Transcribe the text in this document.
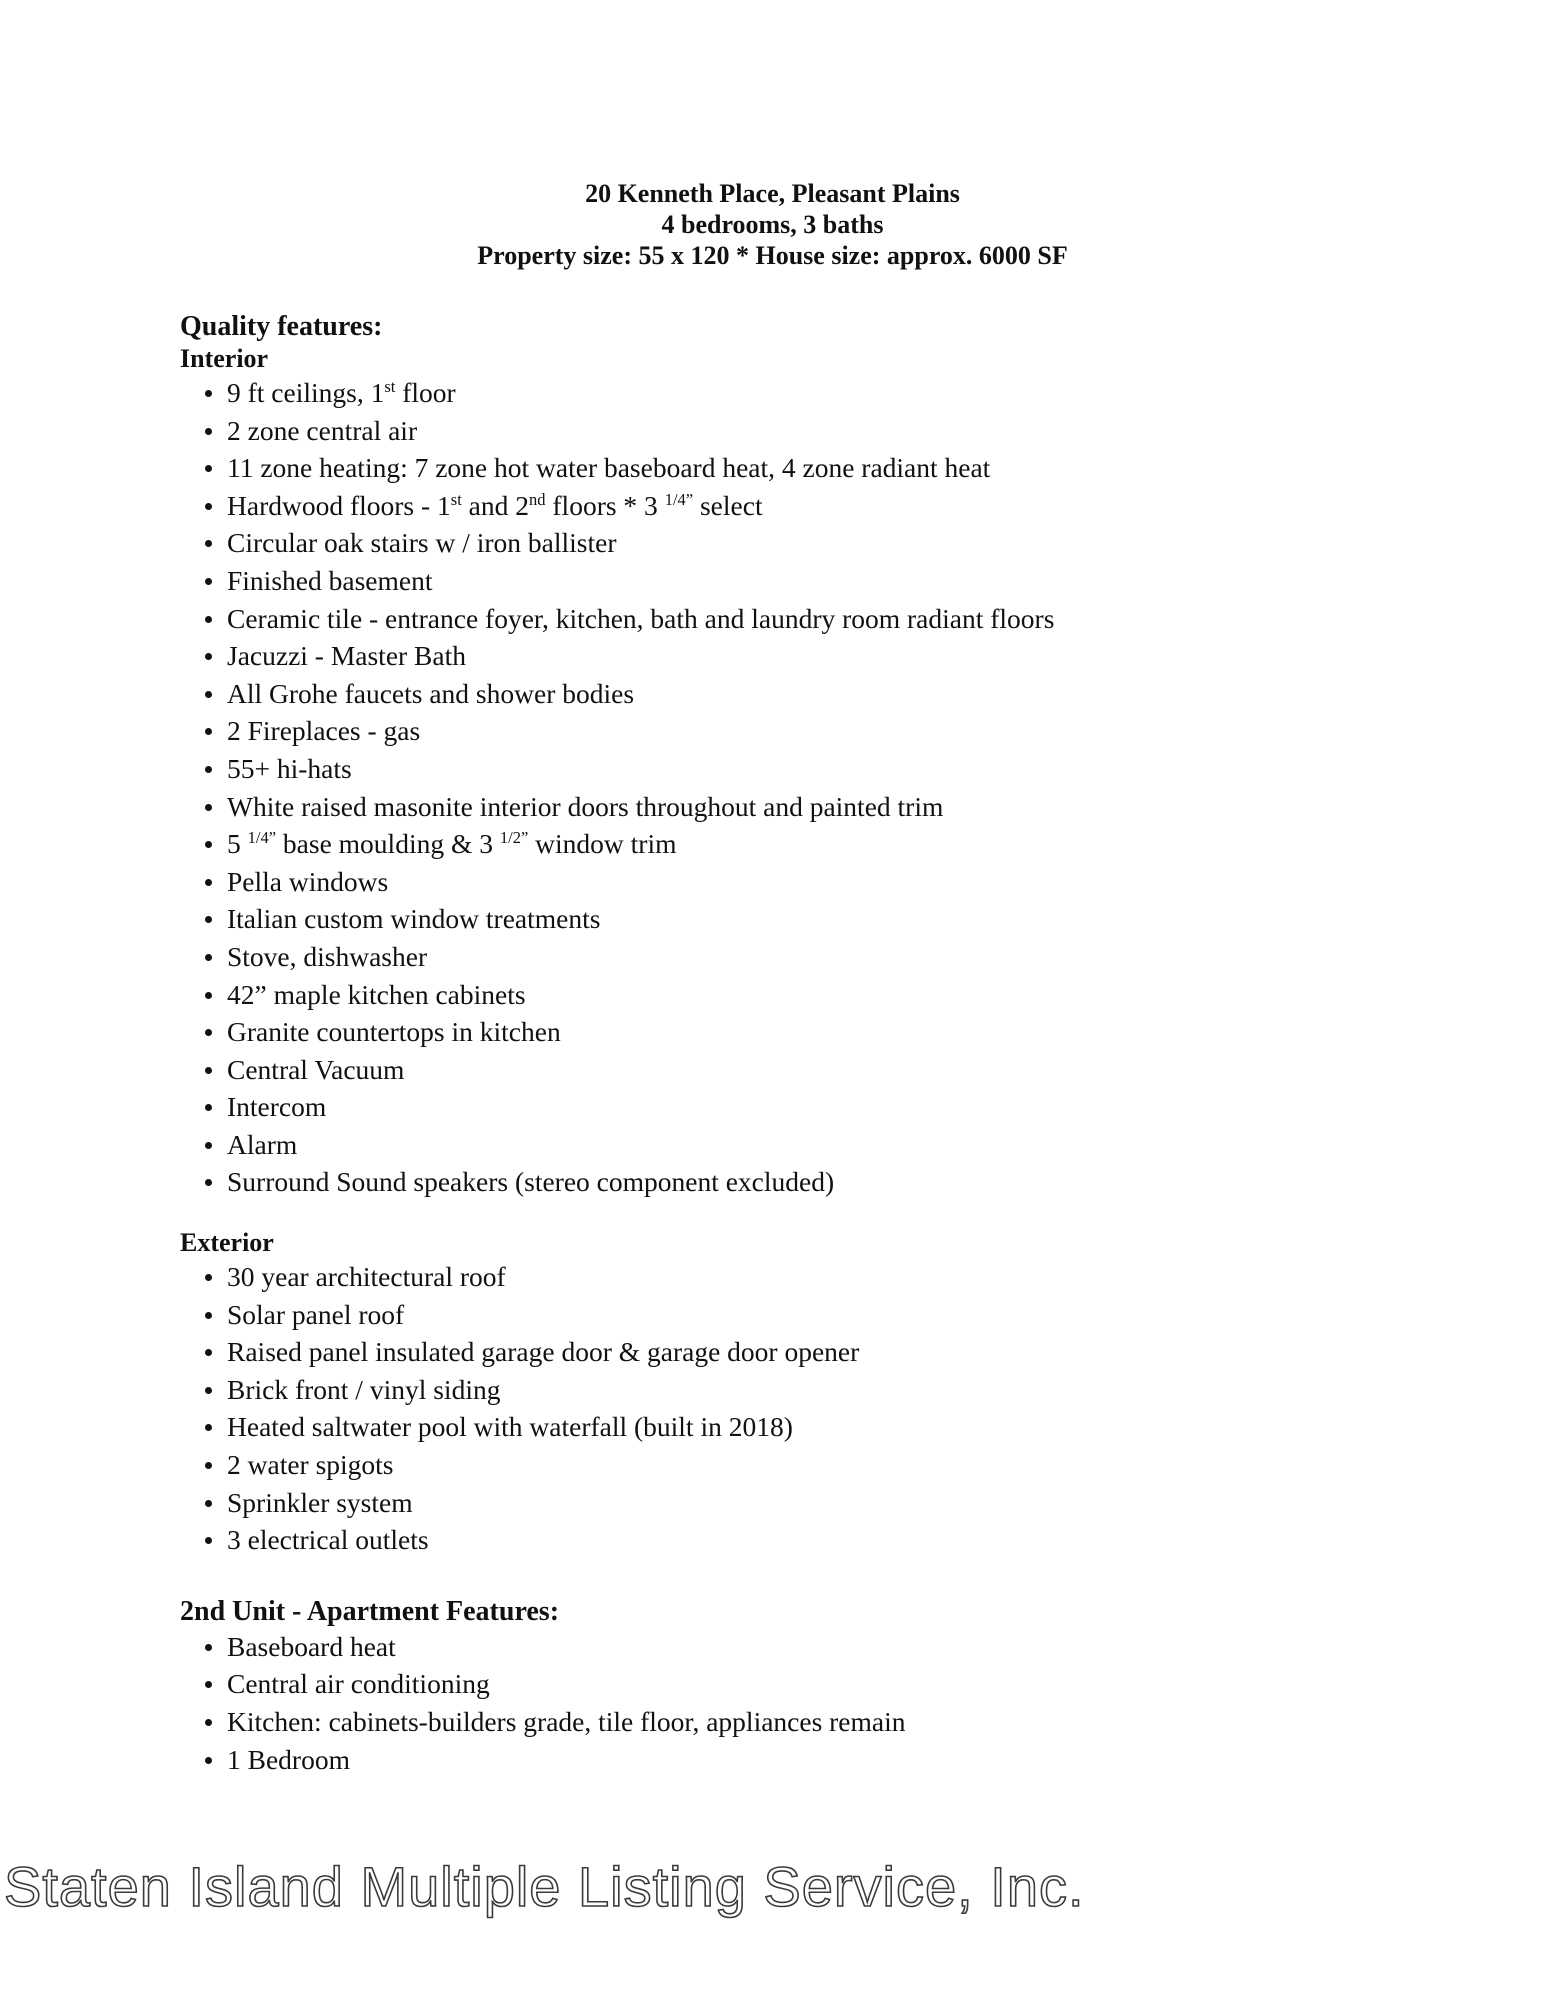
20 Kenneth Place, Pleasant Plains
4 bedrooms, 3 baths
Property size: 55 x 120 * House size: approx. 6000 SF
Quality features:
Interior
9 ft ceilings, 1st floor
2 zone central air
11 zone heating: 7 zone hot water baseboard heat, 4 zone radiant heat
Hardwood floors - 1st and 2nd floors * 3 $^{1/4”}$ select
Circular oak stairs w / iron ballister
Finished basement
Ceramic tile - entrance foyer, kitchen, bath and laundry room radiant floors
Jacuzzi - Master Bath
All Grohe faucets and shower bodies
2 Fireplaces - gas
55+ hi-hats
White raised masonite interior doors throughout and painted trim
5 $^{1/4”}$ base moulding & 3 $^{1/2”}$ window trim
Pella windows
Italian custom window treatments
Stove, dishwasher
42” maple kitchen cabinets
Granite countertops in kitchen
Central Vacuum
Intercom
Alarm
Surround Sound speakers (stereo component excluded)
Exterior
30 year architectural roof
Solar panel roof
Raised panel insulated garage door & garage door opener
Brick front / vinyl siding
Heated saltwater pool with waterfall (built in 2018)
2 water spigots
Sprinkler system
3 electrical outlets
2nd Unit - Apartment Features:
Baseboard heat
Central air conditioning
Kitchen: cabinets-builders grade, tile floor, appliances remain
1 Bedroom
Staten Island Multiple Listing Service, Inc.
